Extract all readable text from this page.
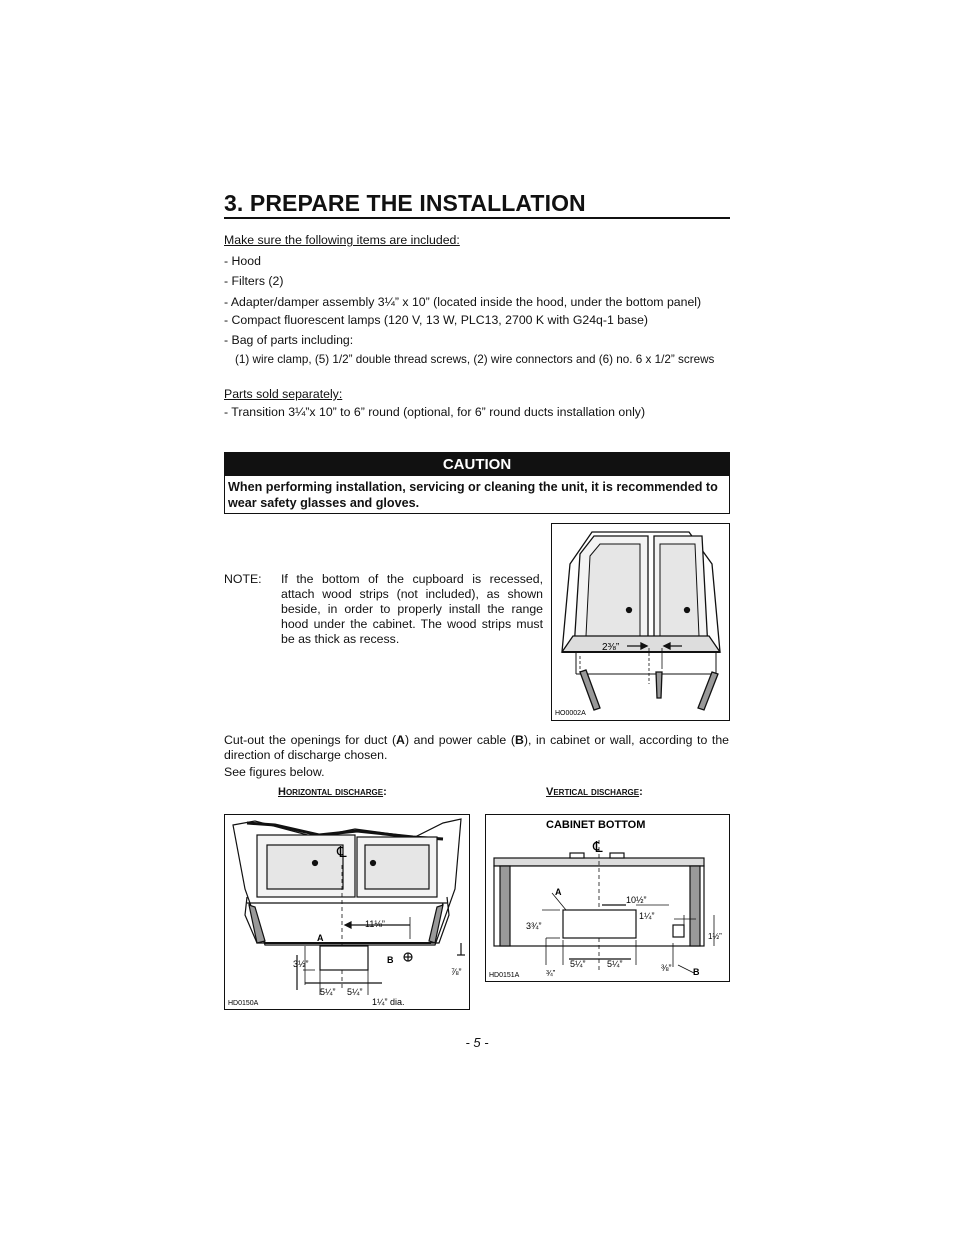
3. PREPARE THE INSTALLATION
Make sure the following items are included:
- Hood
- Filters (2)
- Adapter/damper assembly 3¼” x 10” (located inside the hood, under the bottom panel)
- Compact fluorescent lamps (120 V, 13 W, PLC13, 2700 K with G24q-1 base)
- Bag of parts including:
(1) wire clamp, (5) 1/2” double thread screws, (2) wire connectors and (6) no. 6 x 1/2” screws
Parts sold separately:
- Transition 3¼”x 10” to 6” round (optional, for 6” round ducts installation only)
CAUTION
When performing installation, servicing or cleaning the unit, it is recommended to wear safety glasses and gloves.
NOTE: If the bottom of the cupboard is recessed, attach wood strips (not included), as shown beside, in order to properly install the range hood under the cabinet. The wood strips must be as thick as recess.
2⅜”
HO0002A
Cut-out the openings for duct (A) and power cable (B), in cabinet or wall, according to the direction of discharge chosen.
See figures below.
Horizontal discharge:	Vertical discharge:
℄
11⅛”
A
3½”
5¼” 5¼”
B
⅞”
1¼” dia.
HD0150A
CABINET BOTTOM
℄
A
10½”
1¼”
3¾”
5¼” 5¼”
1½”
⅜” B
¾”
HD0151A
- 5 -
